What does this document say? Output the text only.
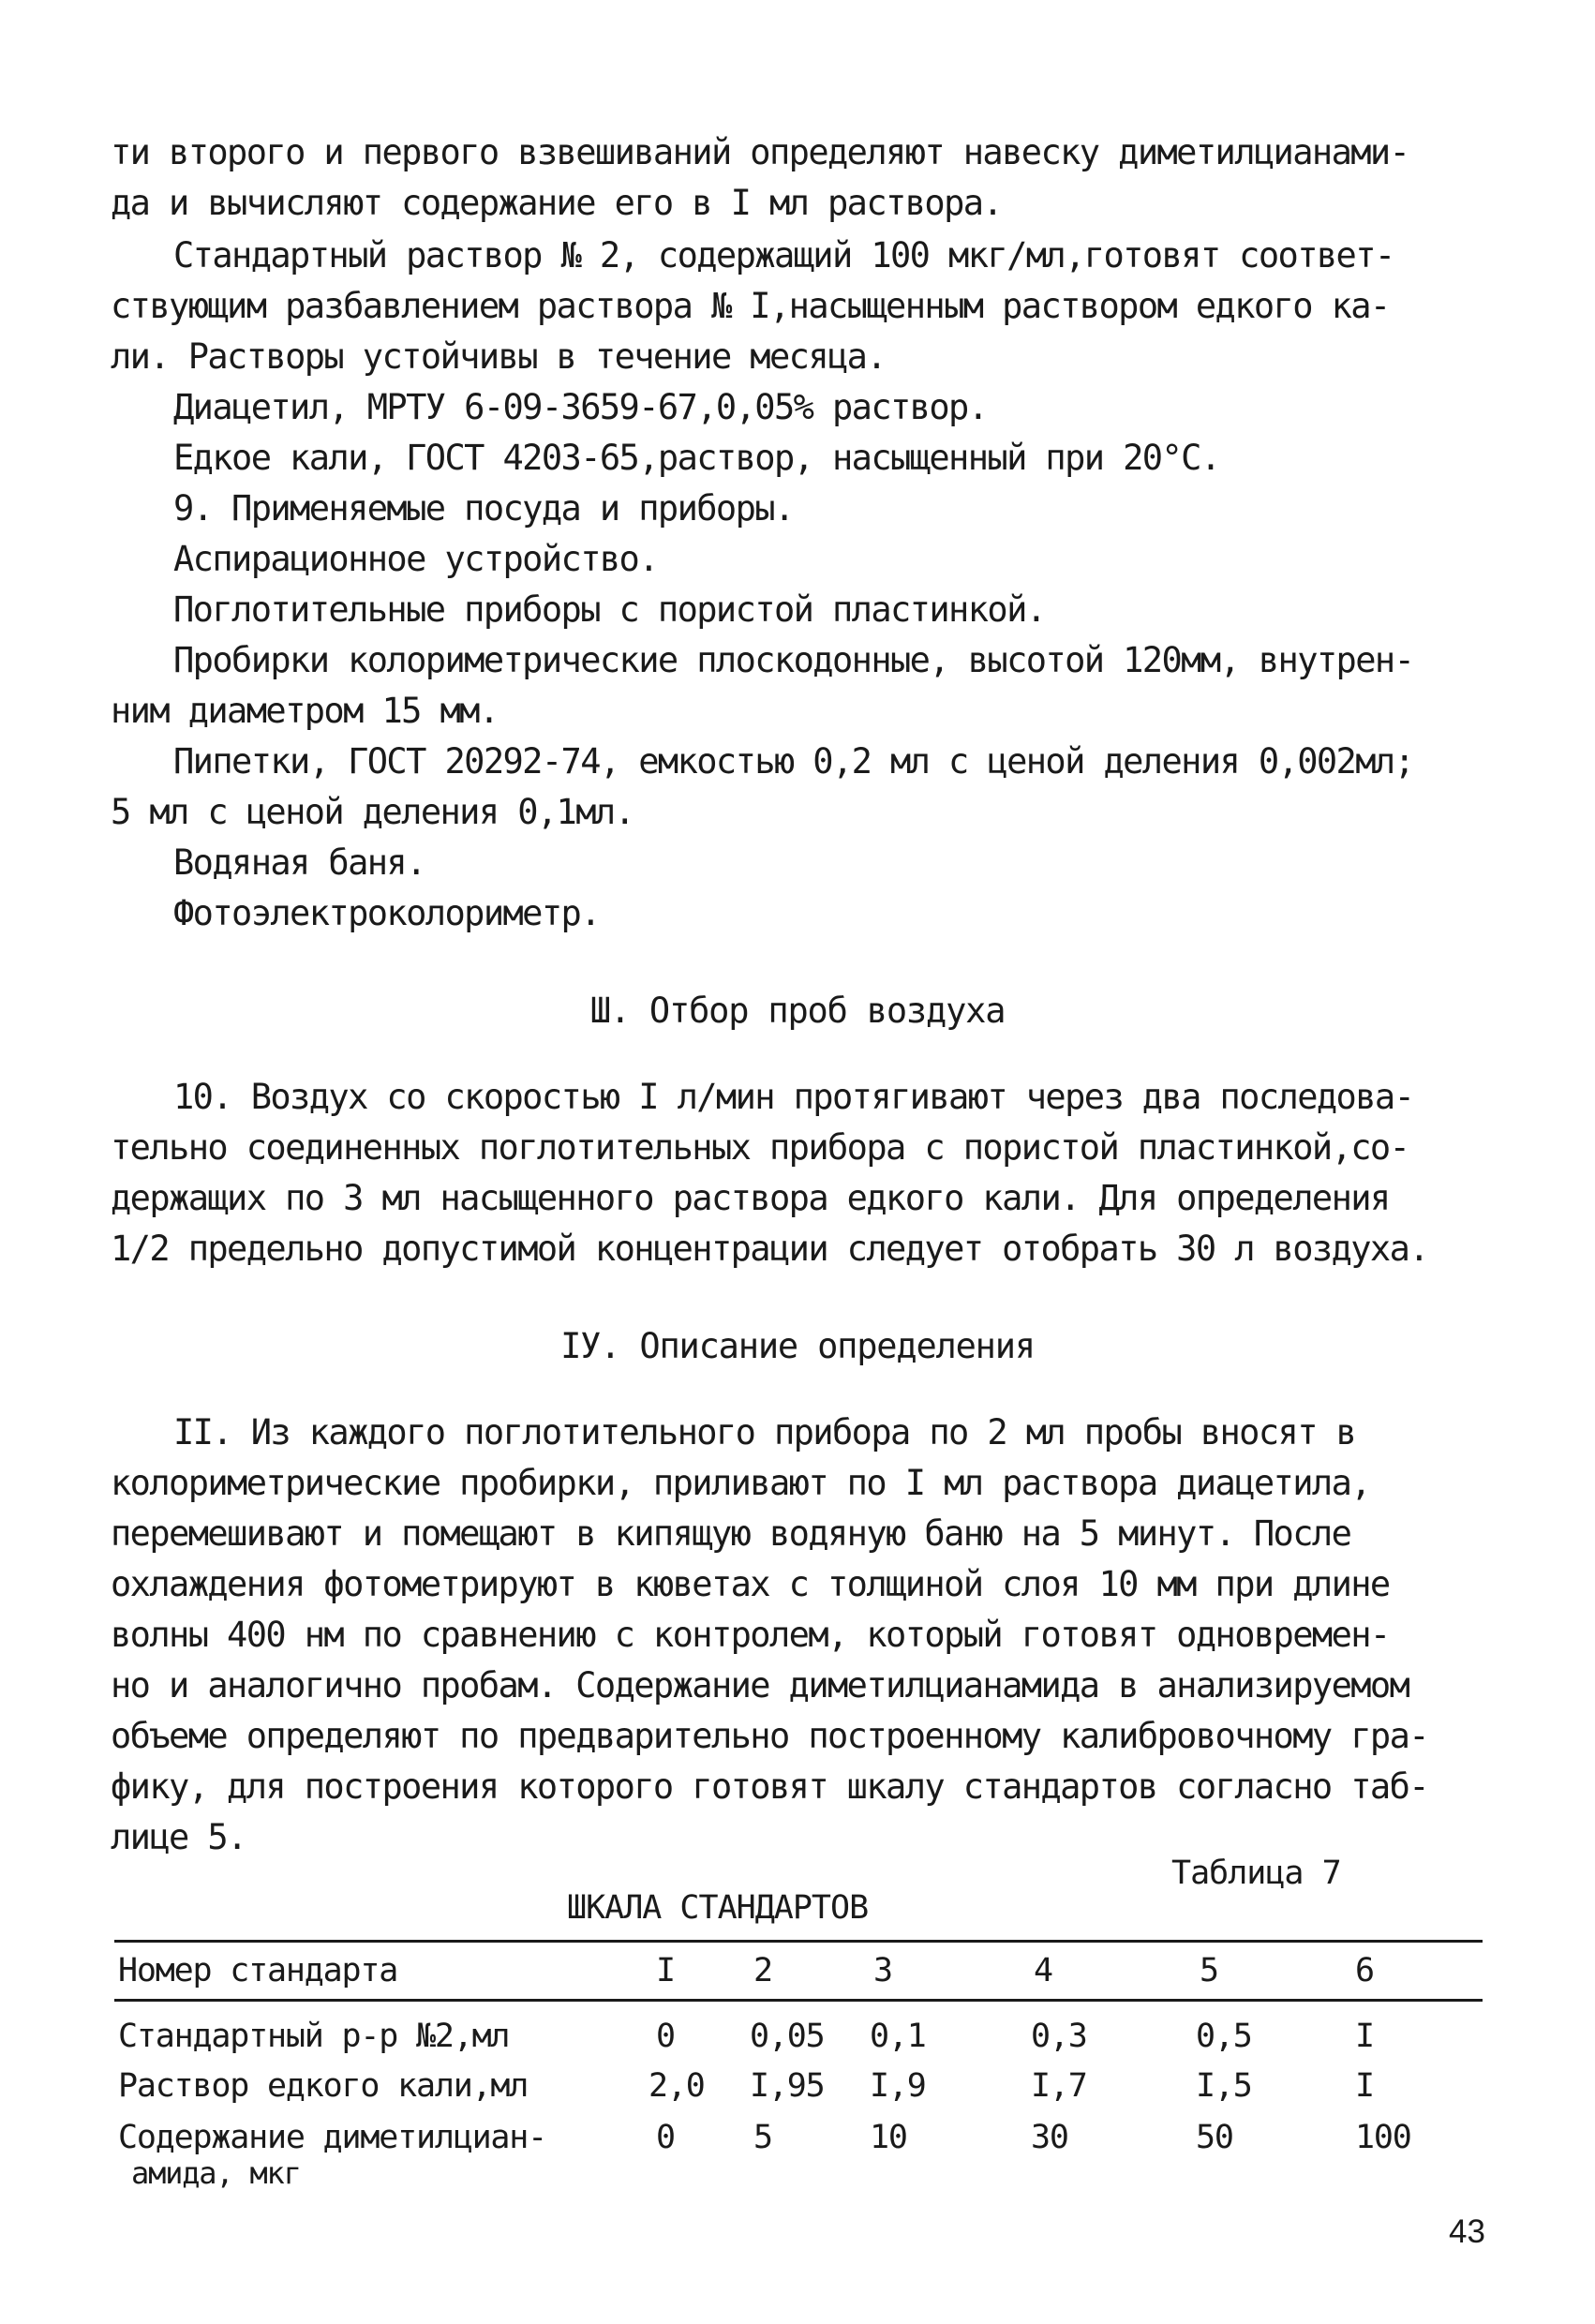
ти второго и первого взвешиваний определяют навеску диметилцианами-
да и вычисляют содержание его в I мл раствора.
Стандартный раствор № 2, содержащий 100 мкг/мл,готовят соответ-
ствующим разбавлением раствора № I,насыщенным раствором едкого ка-
ли. Растворы устойчивы в течение месяца.
Диацетил, МРТУ 6-09-3659-67,0,05% раствор.
Едкое кали, ГОСТ 4203-65,раствор, насыщенный при 20°С.
9. Применяемые посуда и приборы.
Аспирационное устройство.
Поглотительные приборы с пористой пластинкой.
Пробирки колориметрические плоскодонные, высотой 120мм, внутрен-
ним диаметром 15 мм.
Пипетки, ГОСТ 20292-74, емкостью 0,2 мл с ценой деления 0,002мл;
5 мл с ценой деления 0,1мл.
Водяная баня.
Фотоэлектроколориметр.
Ш. Отбор проб воздуха
10. Воздух со скоростью I л/мин протягивают через два последова-
тельно соединенных поглотительных прибора с пористой пластинкой,со-
держащих по 3 мл насыщенного раствора едкого кали. Для определения
1/2 предельно допустимой концентрации следует отобрать 30 л воздуха.
IУ. Описание определения
II. Из каждого поглотительного прибора по 2 мл пробы вносят в
колориметрические пробирки, приливают по I мл раствора диацетила,
перемешивают и помещают в кипящую водяную баню на 5 минут. После
охлаждения фотометрируют в кюветах с толщиной слоя 10 мм при длине
волны 400 нм по сравнению с контролем, который готовят одновремен-
но и аналогично пробам. Содержание диметилцианамида в анализируемом
объеме определяют по предварительно построенному калибровочному гра-
фику, для построения которого готовят шкалу стандартов согласно таб-
лице 5.
Таблица 7
ШКАЛА СТАНДАРТОВ
Номер стандарта	I 2	3	4	5	6
Стандартный р-р №2,мл	0 0,05 0,1	0,3	0,5	I
Раствор едкого кали,мл	2,0 I,95 I,9	I,7	I,5	I
Содержание диметилциан-
амида, мкг
0 5	10	30	50	100
43
